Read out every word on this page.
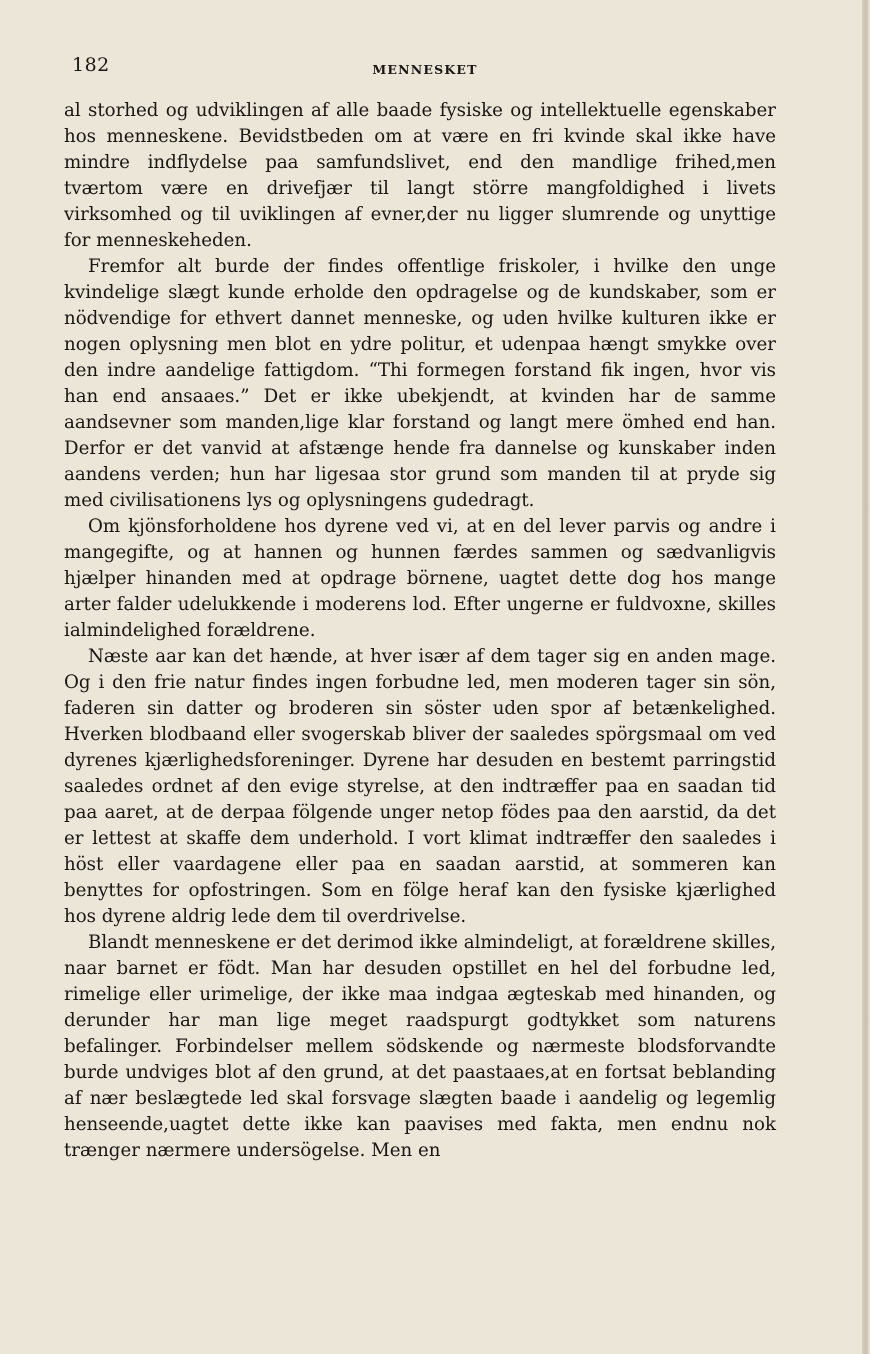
182	MENNESKET

al storhed og udviklingen af alle baade fysiske og intellektuelle egenskaber hos menneskene. Bevidstbeden om at være en fri kvinde skal ikke have mindre indflydelse paa samfundslivet, end den mandlige frihed,men tværtom være en drivefjær til langt större mangfoldighed i livets virksomhed og til uviklingen af evner,der nu ligger slumrende og unyttige for menneskeheden.

Fremfor alt burde der findes offentlige friskoler, i hvilke den unge kvindelige slægt kunde erholde den opdragelse og de kundskaber, som er nödvendige for ethvert dannet menneske, og uden hvilke kulturen ikke er nogen oplysning men blot en ydre politur, et udenpaa hængt smykke over den indre aandelige fattigdom. “Thi formegen forstand fik ingen, hvor vis han end ansaaes.” Det er ikke ubekjendt, at kvinden har de samme aandsevner som manden,lige klar forstand og langt mere ömhed end han. Derfor er det vanvid at afstænge hende fra dannelse og kunskaber inden aandens verden; hun har ligesaa stor grund som manden til at pryde sig med civilisationens lys og oplysningens gudedragt.

Om kjönsforholdene hos dyrene ved vi, at en del lever parvis og andre i mangegifte, og at hannen og hunnen færdes sammen og sædvanligvis hjælper hinanden med at opdrage börnene, uagtet dette dog hos mange arter falder udelukkende i moderens lod. Efter ungerne er fuldvoxne, skilles ialmindelighed forældrene.

Næste aar kan det hænde, at hver især af dem tager sig en anden mage. Og i den frie natur findes ingen forbudne led, men moderen tager sin sön, faderen sin datter og broderen sin söster uden spor af betænkelighed. Hverken blodbaand eller svogerskab bliver der saaledes spörgsmaal om ved dyrenes kjærlighedsforeninger. Dyrene har desuden en bestemt parringstid saaledes ordnet af den evige styrelse, at den indtræffer paa en saadan tid paa aaret, at de derpaa fölgende unger netop födes paa den aarstid, da det er lettest at skaffe dem underhold. I vort klimat indtræffer den saaledes i höst eller vaardagene eller paa en saadan aarstid, at sommeren kan benyttes for opfostringen. Som en fölge heraf kan den fysiske kjærlighed hos dyrene aldrig lede dem til overdrivelse.

Blandt menneskene er det derimod ikke almindeligt, at forældrene skilles, naar barnet er födt. Man har desuden opstillet en hel del forbudne led, rimelige eller urimelige, der ikke maa indgaa ægteskab med hinanden, og derunder har man lige meget raadspurgt godtykket som naturens befalinger. Forbindelser mellem södskende og nærmeste blodsforvandte burde undviges blot af den grund, at det paastaaes,at en fortsat beblanding af nær beslægtede led skal forsvage slægten baade i aandelig og legemlig henseende,uagtet dette ikke kan paavises med fakta, men endnu nok trænger nærmere undersögelse. Men en
